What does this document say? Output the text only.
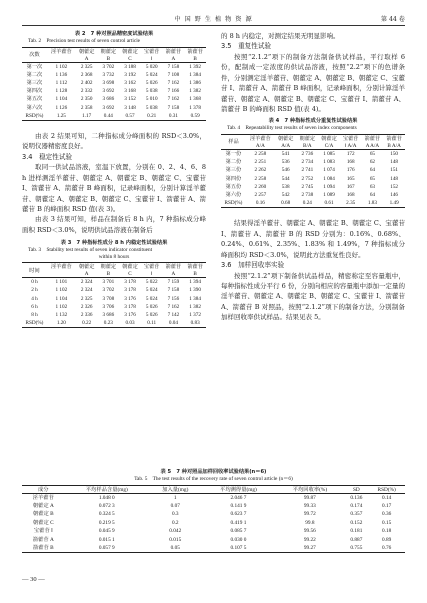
中 国 野 生 植 物 资 源	第 44 卷
表 2　7 种对照品精密度试验结果
Tab. 2　Precision test results of seven control article
次数	淫羊藿苷	朝藿定	朝藿定	朝藿定	宝藿苷	箭藿苷	箭藿苷
		A	B	C	Ⅰ	A	B
第一次	1 102	2 325	3 702	3 188	5 020	7 158	1 392
第二次	1 136	2 368	3 732	3 192	5 024	7 108	1 384
第三次	1 112	2 402	3 698	3 162	5 026	7 162	1 386
第四次	1 128	2 332	3 692	3 168	5 038	7 166	1 382
第五次	1 104	2 350	3 686	3 152	5 010	7 162	1 368
第六次	1 126	2 358	3 692	3 148	5 038	7 158	1 378
RSD(%)	1.25	1.17	0.44	0.57	0.21	0.31	0.59

由表 2 结果可知，二种指标成分峰面积的 RSD＜3.0%，说明仪器精密度良好。

3.4　稳定性试验

取同一供试品溶液，室温下放置，分别在 0、2、4、6、8 h 进样测淫羊藿苷、朝藿定 A、朝藿定 B、朝藿定 C、宝藿苷 Ⅰ、箭藿苷 A、箭藿苷 B 峰面积，记录峰面积，分别计算淫羊藿苷、朝藿定 A、朝藿定 B、朝藿定 C、宝藿苷 Ⅰ、箭藿苷 A、箭藿苷 B 的峰面积 RSD 值(表 3)。

由表 3 结果可知，样品在制备后 8 h 内，7 种指标成分峰面积 RSD＜3.0%，说明供试品溶液在制备后

表 3　7 种指标性成分 8 h 内稳定性试验结果
Tab. 3　Stability test results of seven indicator constituent
within 8 hours
时间	淫羊藿苷	朝藿定	朝藿定	朝藿定	宝藿苷	箭藿苷	箭藿苷
		A	B	C	Ⅰ	A	B
0 h	1 101	2 324	3 701	3 178	5 022	7 159	1 394
2 h	1 102	2 324	3 702	3 178	5 024	7 158	1 390
4 h	1 104	2 325	3 708	3 176	5 024	7 156	1 384
6 h	1 102	2 326	3 706	3 178	5 026	7 162	1 382
8 h	1 132	2 336	3 686	3 176	5 026	7 142	1 372
RSD(%)	1.20	0.22	0.23	0.03	0.11	0.04	0.83

的 8 h 内稳定，对测定结果无明显影响。

3.5　重复性试验

按照“2.1.2”项下的制备方法制备供试样品，平行取样 6 份，配制成一定浓度的供试品溶液，按照“2.2”项下的色谱条件，分别测定淫羊藿苷、朝藿定 A、朝藿定 B、朝藿定 C、宝藿苷 Ⅰ、箭藿苷 A、箭藿苷 B 峰面积，记录峰面积，分别计算淫羊藿苷、朝藿定 A、朝藿定 B、朝藿定 C、宝藿苷 Ⅰ、箭藿苷 A、箭藿苷 B 的峰面积 RSD 值(表 4)。

表 4　7 种指标性成分重复性试验结果
Tab. 4　Repeatability test results of seven index components
样品	淫羊藿苷	朝藿定	朝藿定	朝藿定	宝藿苷	箭藿苷	箭藿苷
	A/A	A/A	B/A	C/A	Ⅰ A/A	A A/A	B A/A
第一份	2 258	541	2 736	1 085	172	65	150
第二份	2 251	536	2 734	1 083	168	62	148
第三份	2 262	546	2 741	1 074	176	64	151
第四份	2 258	544	2 752	1 084	165	65	148
第五份	2 260	538	2 745	1 094	167	63	152
第六份	2 257	542	2 738	1 089	168	64	146
RSD(%)	0.16	0.68	0.24	0.61	2.35	1.83	1.49

结果得淫羊藿苷、朝藿定 A、朝藿定 B、朝藿定 C、宝藿苷 Ⅰ、箭藿苷 A、箭藿苷 B 的 RSD 分别为：0.16%、0.68%、0.24%、0.61%、2.35%、1.83% 和 1.49%，7 种指标成分峰面积均 RSD＜3.0%，说明此方法重复性良好。

3.6　加样回收率实验

按照“2.1.2”项下制备供试品样品，精密称定至容量瓶中，每种指标性成分平行 6 份，分别向相应的容量瓶中添加一定量的淫羊藿苷、朝藿定 A、朝藿定 B、朝藿定 C、宝藿苷 Ⅰ、箭藿苷 A、箭藿苷 B 对照品，按照“2.1.2”项下的制备方法，分别制备加样回收率供试样品。结果见表 5。

表 5　7 种对照品加样回收率试验结果(n＝6)
Tab. 5　The test results of the recovery rate of seven control article (n＝6)
成分	平均样品含量(mg)	加入量(mg)	平均测得量(mg)	平均回收率(%)	SD	RSD(%)
淫羊藿苷	1.048 0	1	2.046 7	99.87	0.136	0.14
朝藿定 A	0.072 3	0.07	0.141 9	99.33	0.174	0.17
朝藿定 B	0.324 5	0.3	0.623 7	99.72	0.357	0.36
朝藿定 C	0.219 5	0.2	0.419 1	99.8	0.152	0.15
宝藿苷 Ⅰ	0.045 9	0.042	0.085 7	99.56	0.181	0.18
箭藿苷 A	0.015 1	0.015	0.030 0	99.22	0.887	0.89
箭藿苷 B	0.057 9	0.05	0.107 5	99.27	0.755	0.76
— 30 —
